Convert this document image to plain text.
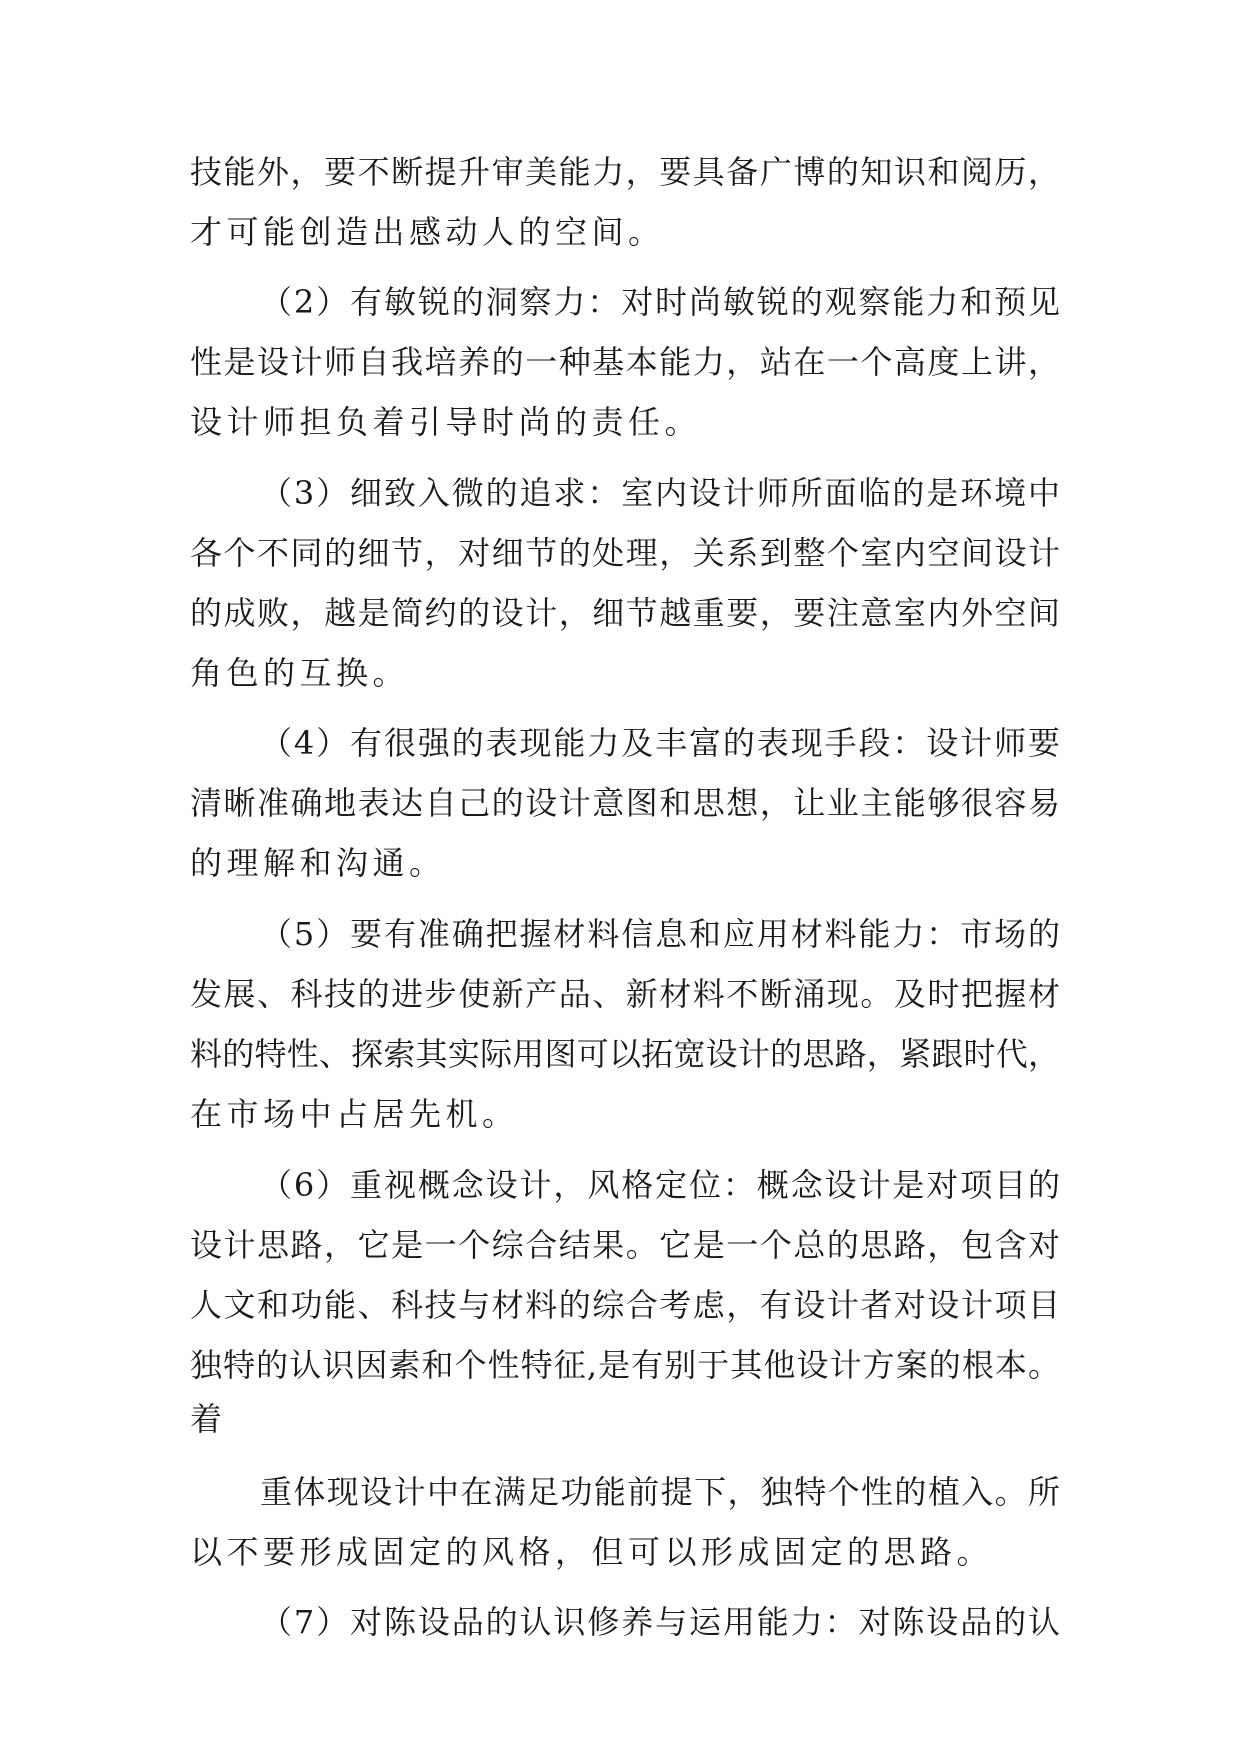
技能外，要不断提升审美能力，要具备广博的知识和阅历，
才可能创造出感动人的空间。
（2）有敏锐的洞察力：对时尚敏锐的观察能力和预见
性是设计师自我培养的一种基本能力，站在一个高度上讲，
设计师担负着引导时尚的责任。
（3）细致入微的追求：室内设计师所面临的是环境中
各个不同的细节，对细节的处理，关系到整个室内空间设计
的成败，越是简约的设计，细节越重要，要注意室内外空间
角色的互换。
（4）有很强的表现能力及丰富的表现手段：设计师要
清晰准确地表达自己的设计意图和思想，让业主能够很容易
的理解和沟通。
（5）要有准确把握材料信息和应用材料能力：市场的
发展、科技的进步使新产品、新材料不断涌现。及时把握材
料的特性、探索其实际用图可以拓宽设计的思路，紧跟时代，
在市场中占居先机。
（6）重视概念设计，风格定位：概念设计是对项目的
设计思路，它是一个综合结果。它是一个总的思路，包含对
人文和功能、科技与材料的综合考虑，有设计者对设计项目
独特的认识因素和个性特征,是有别于其他设计方案的根本。
着
重体现设计中在满足功能前提下，独特个性的植入。所
以不要形成固定的风格，但可以形成固定的思路。
（7）对陈设品的认识修养与运用能力：对陈设品的认
